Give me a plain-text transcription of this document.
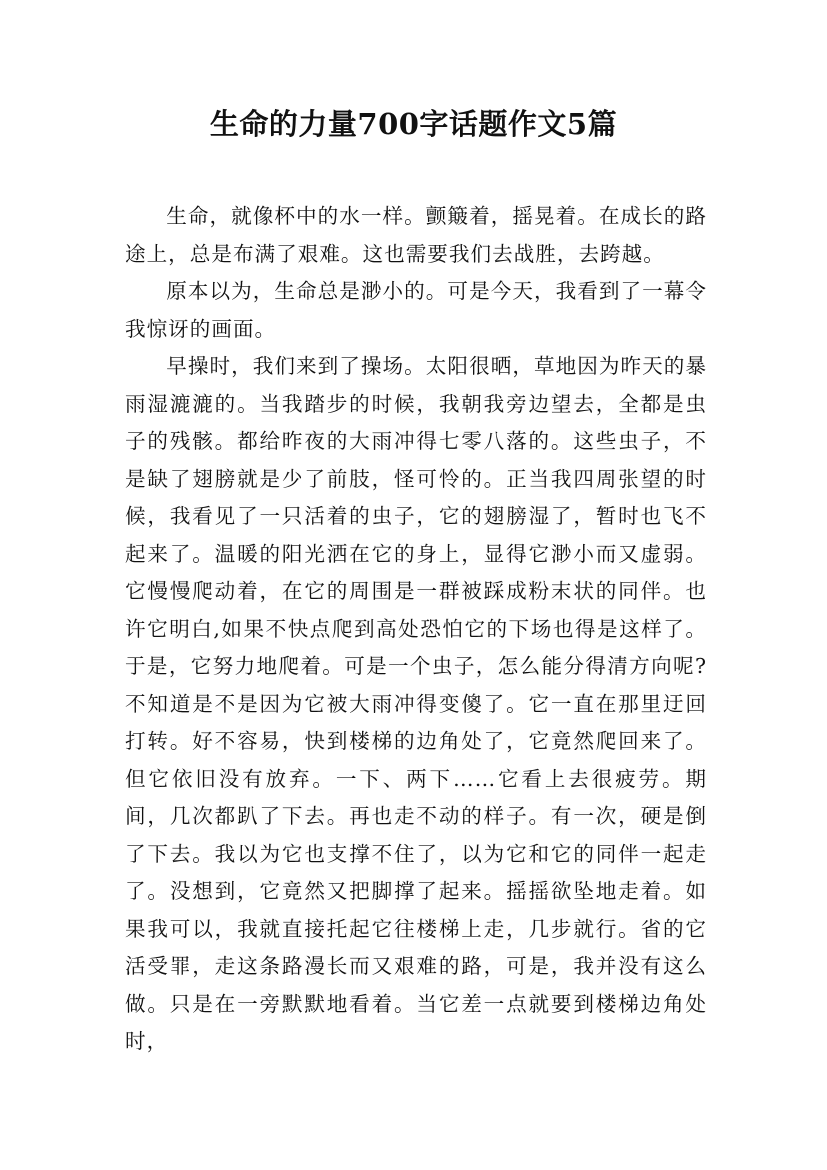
生命的力量700字话题作文5篇

生命，就像杯中的水一样。颤簸着，摇晃着。在成长的路途上，总是布满了艰难。这也需要我们去战胜，去跨越。

原本以为，生命总是渺小的。可是今天，我看到了一幕令我惊讶的画面。

早操时，我们来到了操场。太阳很晒，草地因为昨天的暴雨湿漉漉的。当我踏步的时候，我朝我旁边望去，全都是虫子的残骸。都给昨夜的大雨冲得七零八落的。这些虫子，不是缺了翅膀就是少了前肢，怪可怜的。正当我四周张望的时候，我看见了一只活着的虫子，它的翅膀湿了，暂时也飞不起来了。温暖的阳光洒在它的身上，显得它渺小而又虚弱。它慢慢爬动着，在它的周围是一群被踩成粉末状的同伴。也许它明白,如果不快点爬到高处恐怕它的下场也得是这样了。于是，它努力地爬着。可是一个虫子，怎么能分得清方向呢?不知道是不是因为它被大雨冲得变傻了。它一直在那里迂回打转。好不容易，快到楼梯的边角处了，它竟然爬回来了。但它依旧没有放弃。一下、两下……它看上去很疲劳。期间，几次都趴了下去。再也走不动的样子。有一次，硬是倒了下去。我以为它也支撑不住了，以为它和它的同伴一起走了。没想到，它竟然又把脚撑了起来。摇摇欲坠地走着。如果我可以，我就直接托起它往楼梯上走，几步就行。省的它活受罪，走这条路漫长而又艰难的路，可是，我并没有这么做。只是在一旁默默地看着。当它差一点就要到楼梯边角处时，
